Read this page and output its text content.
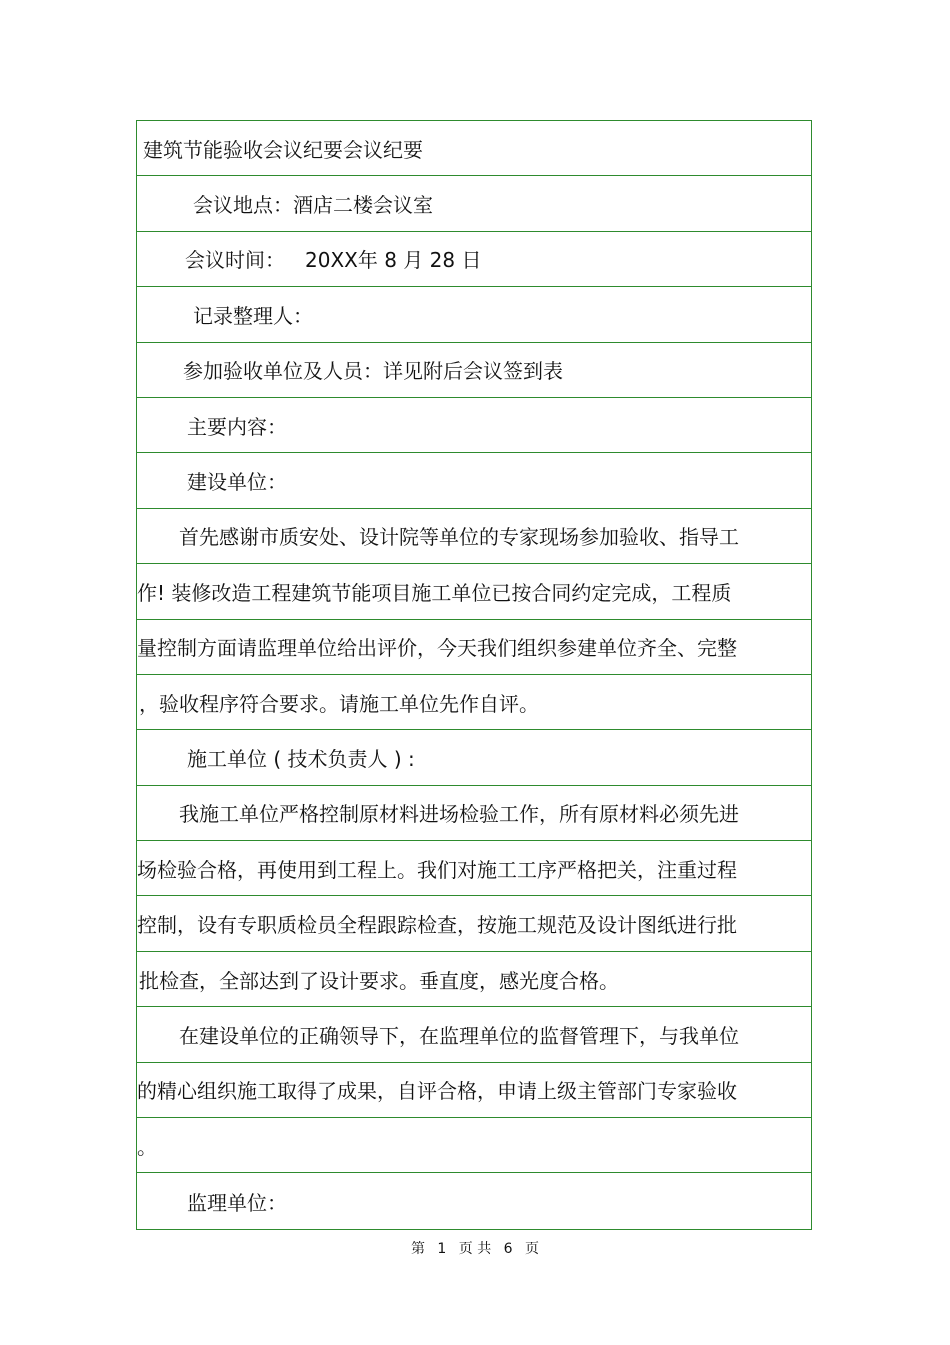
建筑节能验收会议纪要会议纪要
会议地点：酒店二楼会议室
会议时间： 20XX年 8 月 28 日
记录整理人：
参加验收单位及人员：详见附后会议签到表
主要内容：
建设单位：
首先感谢市质安处、设计院等单位的专家现场参加验收、指导工
作! 装修改造工程建筑节能项目施工单位已按合同约定完成，工程质
量控制方面请监理单位给出评价，今天我们组织参建单位齐全、完整
，验收程序符合要求。请施工单位先作自评。
施工单位 ( 技术负责人 ) :
我施工单位严格控制原材料进场检验工作，所有原材料必须先进
场检验合格，再使用到工程上。我们对施工工序严格把关，注重过程
控制，设有专职质检员全程跟踪检查，按施工规范及设计图纸进行批
批检查，全部达到了设计要求。垂直度，感光度合格。
在建设单位的正确领导下，在监理单位的监督管理下，与我单位
的精心组织施工取得了成果，自评合格，申请上级主管部门专家验收
。
监理单位：
第 1 页 共 6 页
